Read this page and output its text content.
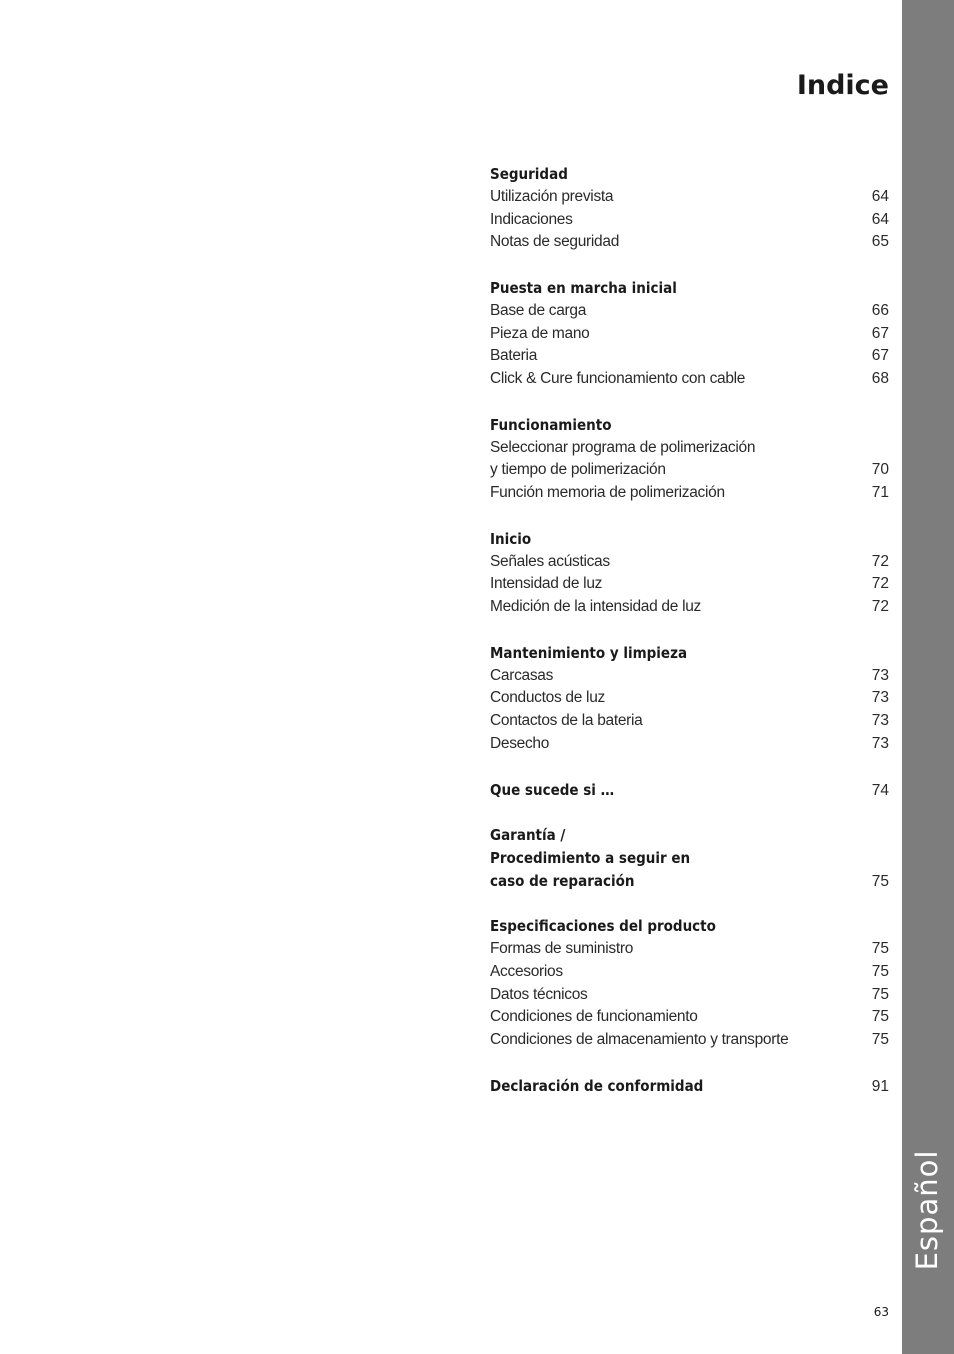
Español
Indice
Seguridad
Utilización prevista	64
Indicaciones	64
Notas de seguridad	65
Puesta en marcha inicial
Base de carga	66
Pieza de mano	67
Bateria	67
Click & Cure funcionamiento con cable	68
Funcionamiento
Seleccionar programa de polimerización
y tiempo de polimerización	70
Función memoria de polimerización	71
Inicio
Señales acústicas	72
Intensidad de luz	72
Medición de la intensidad de luz	72
Mantenimiento y limpieza
Carcasas	73
Conductos de luz	73
Contactos de la bateria	73
Desecho	73
Que sucede si …	74
Garantía /
Procedimiento a seguir en
caso de reparación	75
Especificaciones del producto
Formas de suministro	75
Accesorios	75
Datos técnicos	75
Condiciones de funcionamiento	75
Condiciones de almacenamiento y transporte	75
Declaración de conformidad	91
63
